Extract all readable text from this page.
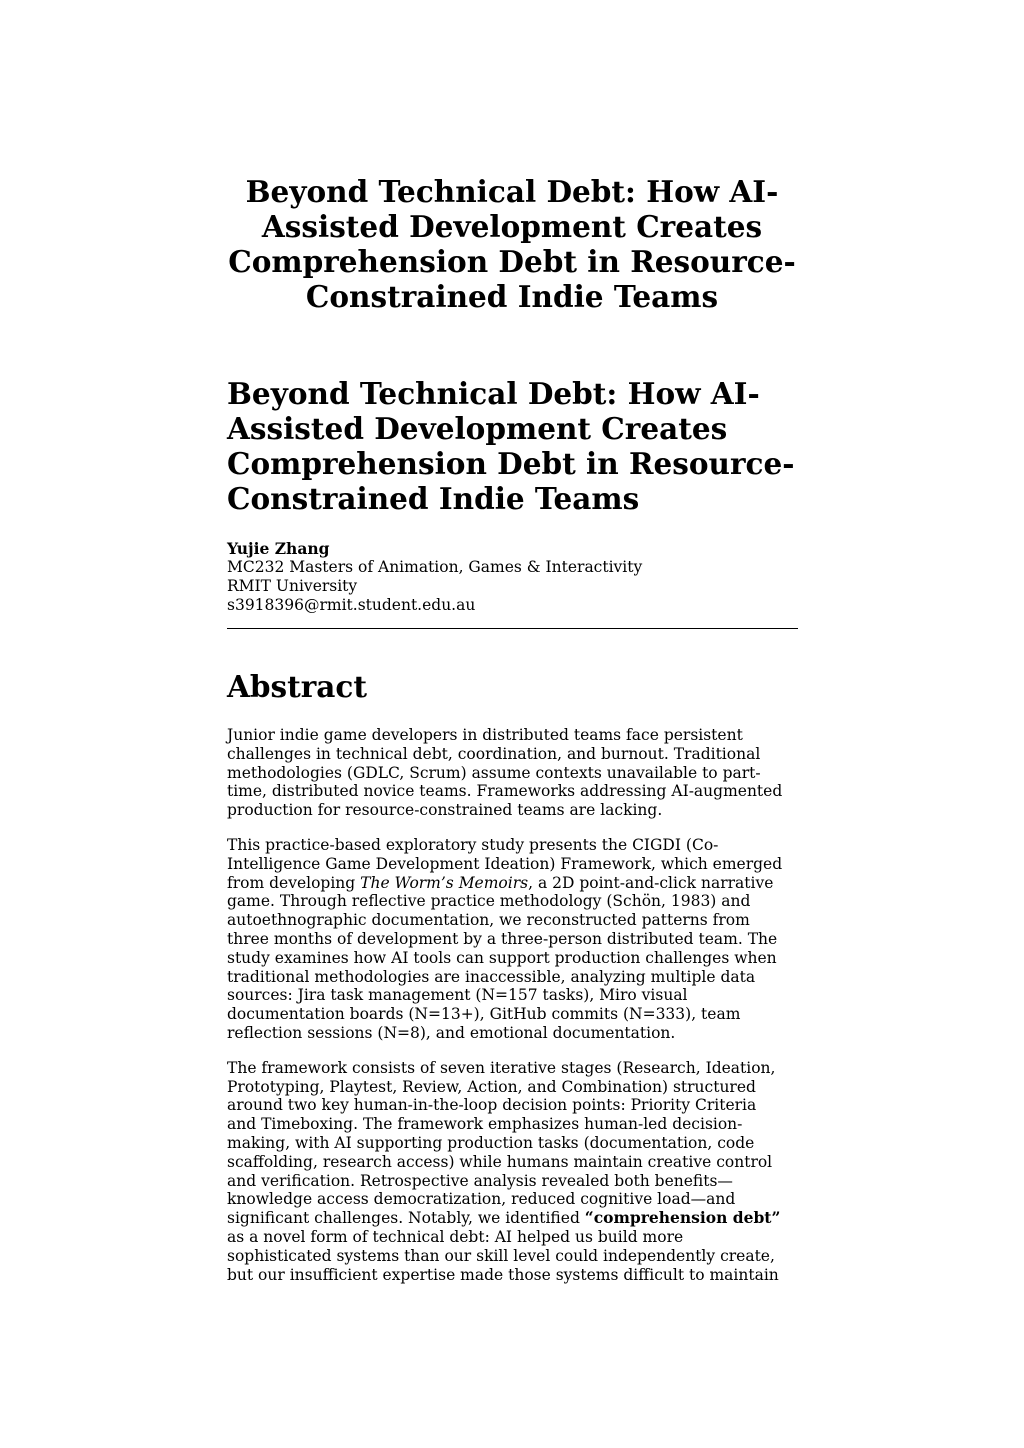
Beyond Technical Debt: How AI-
Assisted Development Creates
Comprehension Debt in Resource-
Constrained Indie Teams
Beyond Technical Debt: How AI-
Assisted Development Creates
Comprehension Debt in Resource-
Constrained Indie Teams
Yujie Zhang
MC232 Masters of Animation, Games & Interactivity
RMIT University
s3918396@rmit.student.edu.au
Abstract

Junior indie game developers in distributed teams face persistent
challenges in technical debt, coordination, and burnout. Traditional
methodologies (GDLC, Scrum) assume contexts unavailable to part-
time, distributed novice teams. Frameworks addressing AI-augmented
production for resource-constrained teams are lacking.

This practice-based exploratory study presents the CIGDI (Co-
Intelligence Game Development Ideation) Framework, which emerged
from developing The Worm’s Memoirs, a 2D point-and-click narrative
game. Through reflective practice methodology (Schön, 1983) and
autoethnographic documentation, we reconstructed patterns from
three months of development by a three-person distributed team. The
study examines how AI tools can support production challenges when
traditional methodologies are inaccessible, analyzing multiple data
sources: Jira task management (N=157 tasks), Miro visual
documentation boards (N=13+), GitHub commits (N=333), team
reflection sessions (N=8), and emotional documentation.

The framework consists of seven iterative stages (Research, Ideation,
Prototyping, Playtest, Review, Action, and Combination) structured
around two key human-in-the-loop decision points: Priority Criteria
and Timeboxing. The framework emphasizes human-led decision-
making, with AI supporting production tasks (documentation, code
scaffolding, research access) while humans maintain creative control
and verification. Retrospective analysis revealed both benefits—
knowledge access democratization, reduced cognitive load—and
significant challenges. Notably, we identified “comprehension debt”
as a novel form of technical debt: AI helped us build more
sophisticated systems than our skill level could independently create,
but our insufficient expertise made those systems difficult to maintain
